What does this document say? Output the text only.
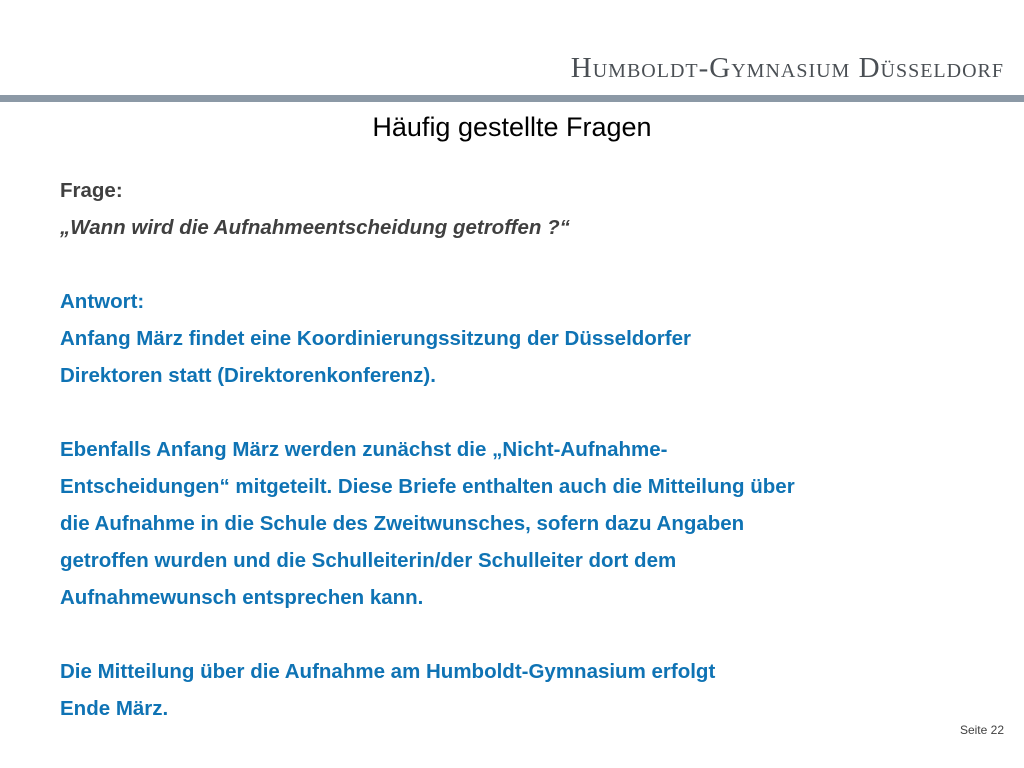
Humboldt-Gymnasium Düsseldorf
Häufig gestellte Fragen

Frage:

„Wann wird die Aufnahmeentscheidung getroffen ?“

Antwort:

Anfang März findet eine Koordinierungssitzung der Düsseldorfer

Direktoren statt (Direktorenkonferenz).

Ebenfalls Anfang März werden zunächst die „Nicht-Aufnahme-

Entscheidungen“ mitgeteilt. Diese Briefe enthalten auch die Mitteilung über

die Aufnahme in die Schule des Zweitwunsches, sofern dazu Angaben

getroffen wurden und die Schulleiterin/der Schulleiter dort dem

Aufnahmewunsch entsprechen kann.

Die Mitteilung über die Aufnahme am Humboldt-Gymnasium erfolgt

Ende März.

Seite 22
